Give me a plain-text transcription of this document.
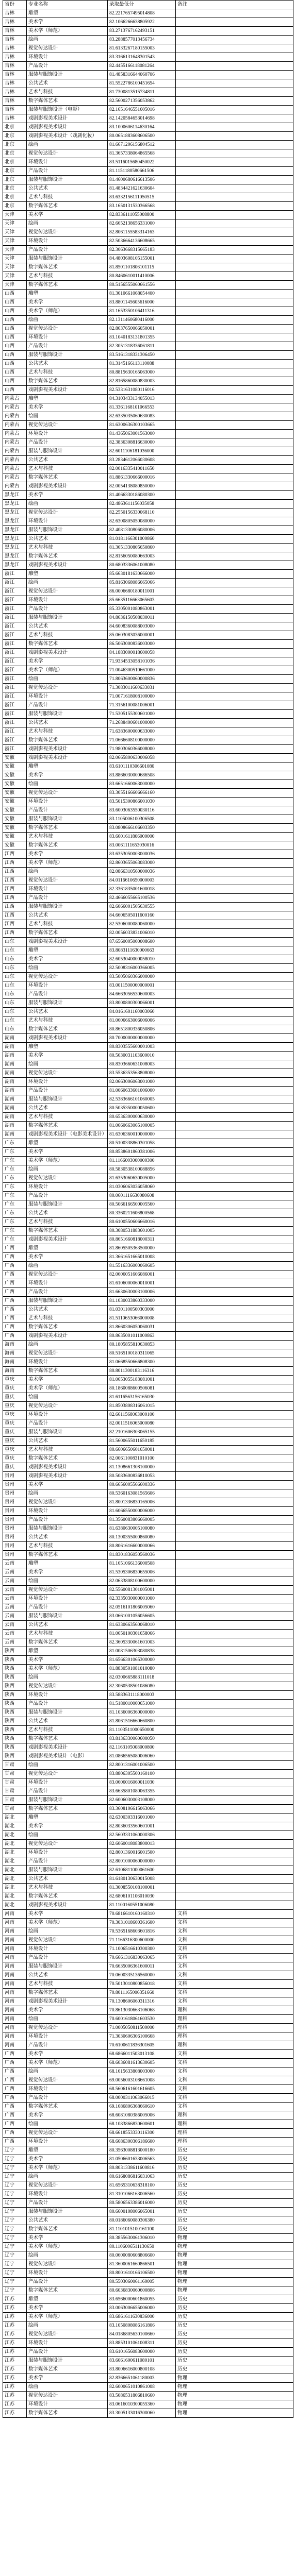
省份	专业名称	录取最低分	备注
吉林	雕塑	82.2217657495014808	
吉林	美术学	82.1066266638805922	
吉林	美术学（师范）	83.2713767162493151	
吉林	绘画	83.2888577013456734	
吉林	视觉传达设计	81.6133267180155003	
吉林	环境设计	83.3166131648301543	
吉林	产品设计	82.4455166118081264	
吉林	服装与服饰设计	81.4858316644060706	
吉林	公共艺术	81.5522786100451654	
吉林	艺术与科技	81.7300813515734811	
吉林	数字媒体艺术	82.5600271356053862	
吉林	服装与服饰设计（电影）	82.1651646551605016	
吉林	戏剧影视美术设计	82.1420584653014698	
北京	戏剧影视美术设计	83.1000606114630164	
北京	戏剧影视美术设计（戏剧化妆）	80.0651883608606500	
北京	绘画	81.6671206156804512	
北京	视觉传达设计	81.3657338064865568	
北京	环境设计	83.5116015680450022	
北京	产品设计	81.1151180580661506	
北京	服装与服饰设计	81.4600680616613506	
北京	公共艺术	81.4834421621630604	
北京	艺术与科技	83.6332156111050515	
北京	数字媒体艺术	83.1650131530366568	
天津	美术学	82.8336111055008800	
天津	绘画	82.6652138656331000	
天津	视觉传达设计	82.8061155583314163	
天津	环境设计	82.5036664136608665	
天津	产品设计	82.3063668315665183	
天津	服装与服饰设计	84.4803608105155001	
天津	数字媒体艺术	81.8501101806101115	
天津	艺术与科技	80.8460610011410006	
天津	数字媒体艺术	80.5156555060661556	
山西	雕塑	81.3610661068054400	
山西	美术学	83.8801145605616000	
山西	美术学（师范）	81.1653350106411316	
山西	绘画	82.1311460680416000	
山西	视觉传达设计	82.8637650066050001	
山西	环境设计	83.1040183131801355	
山西	产品设计	82.3051318336061811	
山西	服装与服饰设计	83.5161318331306450	
山西	公共艺术	81.3145166113110088	
山西	艺术与科技	80.8815630165063000	
山西	数字媒体艺术	82.8165860080830003	
山西	戏剧影视美术设计	82.5331631080116016	
内蒙古	雕塑	84.3103433134055013	
内蒙古	美术学	81.3361168101066553	
内蒙古	绘画	82.6335035060630083	
内蒙古	视觉传达设计	81.6300636300103665	
内蒙古	环境设计	81.4365063001563000	
内蒙古	产品设计	82.3836308816630000	
内蒙古	服装与服饰设计	82.6011106181036000	
内蒙古	公共艺术	83.2834612066030608	
内蒙古	艺术与科技	82.0016335410011650	
内蒙古	数字媒体艺术	81.8861330666000016	
内蒙古	戏剧影视美术设计	82.0054138080850000	
黑龙江	美术学	81.4066330186080300	
黑龙江	绘画	82.4863611156035058	
黑龙江	视觉传达设计	82.2550156330068110	
黑龙江	环境设计	82.6300805050080000	
黑龙江	服装与服饰设计	82.4081330806080006	
黑龙江	公共艺术	81.0181166301000860	
黑龙江	艺术与科技	81.3651330805650860	
黑龙江	数字媒体艺术	82.8156050080663003	
黑龙江	戏剧影视美术设计	80.6803336061008080	
浙江	雕塑	85.6630181630666000	
浙江	绘画	85.8163068086665066	
浙江	视觉传达设计	86.0006680180011001	
浙江	环境设计	85.6635116663065603	
浙江	产品设计	85.3305001080863001	
浙江	服装与服饰设计	84.8636150508030011	
浙江	公共艺术	84.6008360088003000	
浙江	艺术与科技	85.0603083036000001	
浙江	数字媒体艺术	86.5063000836003000	
浙江	戏剧影视美术设计	84.1883000018600058	
浙江	美术学	71.9334533058101036	
浙江	美术学（师范）	71.0046300510661000	
浙江	绘画	71.8063600060000836	
浙江	视觉传达设计	71.3083011660633031	
浙江	环境设计	71.0071618008100000	
浙江	产品设计	71.3156100081006001	
浙江	服装与服饰设计	71.5305155300601000	
浙江	公共艺术	71.2688400601000000	
浙江	艺术与科技	71.6383600000633000	
浙江	数字媒体艺术	71.0666608100000000	
浙江	戏剧影视美术设计	71.9803060366008000	
安徽	戏剧影视美术设计	82.0665800630006058	
安徽	雕塑	83.6101110306601080	
安徽	美术学	83.8866030000686508	
安徽	绘画	83.6651660063000000	
安徽	视觉传达设计	83.3055166606666160	
安徽	环境设计	83.5015300866001030	
安徽	产品设计	83.6003063550030116	
安徽	服装与服饰设计	83.1105006100306508	
安徽	数字媒体艺术	83.0808666106603350	
安徽	艺术与科技	83.6601611806000000	
安徽	数字媒体艺术	83.0061111653030016	
江西	美术学	83.6353050003000036	
江西	美术学（师范）	82.8603655063083000	
江西	绘画	82.0866310560000036	
江西	视觉传达设计	84.0116610650000003	
江西	环境设计	82.3361835001600018	
江西	产品设计	82.4666055665100536	
江西	服装与服饰设计	82.6066001505630555	
江西	公共艺术	84.6606505011600160	
江西	艺术与科技	82.5306000080060000	
江西	数字媒体艺术	82.0056033831006010	
山东	戏剧影视美术设计	87.6560005000008600	
山东	雕塑	83.8083111630000663	
山东	美术学	82.6053040000058010	
山东	绘画	82.5008316000366005	
山东	视觉传达设计	83.5005060366000000	
山东	环境设计	83.0011500060000001	
山东	产品设计	84.6663056530600003	
山东	服装与服饰设计	83.8000800300066001	
山东	公共艺术	84.0161601160003060	
山东	艺术与科技	81.0606663006006006	
山东	数字媒体艺术	80.8651800336050806	
湖南	戏剧影视美术设计	80.7000000000000000	
湖南	雕塑	80.8303555600001003	
湖南	美术学	80.5630031103600010	
湖南	绘画	80.8303660631008003	
湖南	视觉传达设计	83.5536353563808000	
湖南	环境设计	82.0663006063001000	
湖南	产品设计	81.0060633601006000	
湖南	服装与服饰设计	82.5383666101060005	
湖南	公共艺术	80.5035350000050600	
湖南	艺术与科技	80.6536300000630000	
湖南	数字媒体艺术	81.0660663065100005	
湖南	戏剧影视美术设计（电影美术设计）	81.6306360010000000	
广东	雕塑	80.5100338860301058	
广东	美术学	80.8538601860381006	
广东	美术学（师范）	81.1166003000000300	
广东	绘画	80.5830538100088856	
广东	视觉传达设计	81.6353060630005000	
广东	环境设计	81.0306063036058060	
广东	产品设计	80.0601116630080608	
广东	服装与服饰设计	80.5066166500005560	
广东	公共艺术	80.3360211606800568	
广东	艺术与科技	80.6100550606660016	
广东	数字媒体艺术	80.3080531883601005	
广东	戏剧影视美术设计	80.8651660818000311	
广西	雕塑	81.8605505363500000	
广西	美术学	81.3661651665010008	
广西	绘画	81.5516336000060605	
广西	视觉传达设计	82.0606051606086001	
广西	环境设计	81.6106000060010001	
广西	产品设计	81.6630630003100006	
广西	服装与服饰设计	81.1030033860333000	
广西	公共艺术	81.0301100560303000	
广西	艺术与科技	81.5110653066000008	
广西	数字媒体艺术	81.8660306050060031	
广西	戏剧影视美术设计	80.8635001011000863	
海南	绘画	80.1805855810630853	
海南	视觉传达设计	80.5165100180311065	
海南	环境设计	81.0668550666808300	
海南	数字媒体艺术	80.8011300183116316	
重庆	美术学	81.0653055183081001	
重庆	美术学（师范）	80.1860088600506081	
重庆	绘画	81.6116563156165030	
重庆	视觉传达设计	81.8503808316061015	
重庆	环境设计	82.6611568063000100	
重庆	产品设计	82.0011516065000080	
重庆	服装与服饰设计	82.2101606303065155	
重庆	公共艺术	81.5600655011650185	
重庆	艺术与科技	80.6606650601650001	
重庆	数字媒体艺术	82.0061100831010100	
重庆	戏剧影视美术设计	81.1308661308100000	
贵州	戏剧影视美术设计	80.5083600836810053	
贵州	美术学	80.6656005566600336	
贵州	绘画	80.5360163081565606	
贵州	视觉传达设计	81.8001336830165006	
贵州	环境设计	81.6066550000006000	
贵州	产品设计	81.3560083806660005	
贵州	服装与服饰设计	81.6380630005100080	
贵州	公共艺术	80.1300355000860080	
贵州	艺术与科技	80.8061616600000066	
贵州	数字媒体艺术	81.8301836050560036	
云南	雕塑	81.1651066136000508	
云南	美术学	81.5305306830655006	
云南	绘画	82.0633808100600000	
云南	视觉传达设计	82.5560081301005001	
云南	环境设计	82.3335030000001000	
云南	产品设计	82.0516101806005060	
云南	服装与服饰设计	83.0661001056056605	
云南	公共艺术	81.6330663560068010	
云南	艺术与科技	81.0650100301658066	
云南	数字媒体艺术	82.3605330061601003	
陕西	雕塑	81.0081506303080838	
陕西	美术学	81.6566301065300000	
陕西	美术学（师范）	81.8830501081010080	
陕西	绘画	82.0300665883111018	
陕西	视觉传达设计	82.3060538501086080	
陕西	环境设计	83.5883631118000003	
陕西	产品设计	81.5180010000651000	
陕西	服装与服饰设计	81.1036006360000000	
陕西	公共艺术	81.8061516660660800	
陕西	艺术与科技	81.1103511000650000	
陕西	数字媒体艺术	83.8136330060600050	
陕西	戏剧影视美术设计	82.1163105008000800	
陕西	戏剧影视美术设计（电影）	81.0866565080006060	
甘肃	绘画	82.8001316001006500	
甘肃	视觉传达设计	83.8806305500160100	
甘肃	环境设计	83.0606016060011030	
甘肃	产品设计	83.6635801080063355	
甘肃	服装与服饰设计	82.6006030003108000	
甘肃	数字媒体艺术	83.3608106615063066	
湖北	雕塑	82.6300303316001000	
湖北	美术学	82.8036033560601001	
湖北	绘画	82.5603331060000306	
湖北	视觉传达设计	82.6060018083800013	
湖北	环境设计	82.8601360016001500	
湖北	产品设计	82.8001000060000000	
湖北	服装与服饰设计	82.6106811000061600	
湖北	公共艺术	81.6180130630015008	
湖北	艺术与科技	81.3008550108100001	
湖北	数字媒体艺术	82.6806101106010030	
湖北	戏剧影视美术设计	81.1100160551006080	
河南	美术学	70.6816610160160310	文科
河南	美术学（师范）	70.3031018600361600	文科
河南	绘画	70.5365168603601816	文科
河南	视觉传达设计	71.1166316300600000	文科
河南	环境设计	71.1006516610300300	文科
河南	产品设计	70.6661316830063065	文科
河南	服装与服饰设计	70.6635006361600011	文科
河南	公共艺术	70.0600335136560000	文科
河南	艺术与科技	70.5013010800856018	文科
河南	数字媒体艺术	70.8011165006351660	文科
河南	戏剧影视美术设计	70.1308606060311316	文科
河南	美术学	70.8613030663106068	理科
河南	绘画	70.6001618061603530	理科
河南	视觉传达设计	71.0005050811500000	理科
河南	环境设计	71.3030606306100668	理科
河南	产品设计	70.6100611836301605	理科
广西	美术学	68.6866011503013108	文科
广西	美术学（师范）	68.6036081613630605	文科
广西	绘画	68.1615633808003000	文科
广西	视觉传达设计	69.0056003108661008	文科
广西	环境设计	68.5606161601616605	文科
广西	产品设计	68.0000311063066015	文科
广西	数字媒体艺术	69.1686806368660610	文科
广西	美术学	68.6081080386005006	理科
广西	绘画	68.1083866830600601	理科
广西	视觉传达设计	68.6618553330116300	理科
广西	环境设计	68.6686300306186600	理科
辽宁	雕塑	80.3563008813000180	历史
辽宁	美术学	81.0506601633006563	历史
辽宁	美术学（师范）	80.8031338611600816	历史
辽宁	绘画	80.6168086816031063	历史
辽宁	视觉传达设计	81.6565310638318100	历史
辽宁	环境设计	81.3101066163006560	历史
辽宁	产品设计	80.5806563386016000	历史
辽宁	服装与服饰设计	80.6600108006065001	历史
辽宁	公共艺术	80.0186060080306380	历史
辽宁	数字媒体艺术	81.1101015100161100	历史
辽宁	美术学	80.3855630061306010	物理
辽宁	美术学（师范）	80.1106006511130650	物理
辽宁	绘画	80.0600080608806600	物理
辽宁	视觉传达设计	81.3600061660866501	物理
辽宁	环境设计	80.8001610166106500	物理
辽宁	产品设计	80.5503060061160005	物理
辽宁	数字媒体艺术	80.6036830060600806	物理
江苏	雕塑	83.6566000601860055	历史
江苏	美术学	83.0063006655006000	历史
江苏	美术学（师范）	83.6861611630836000	历史
江苏	绘画	83.1050808086161806	历史
江苏	视觉传达设计	84.0186805630100660	历史
江苏	环境设计	83.8853101061008311	历史
江苏	产品设计	83.6101656083600000	历史
江苏	服装与服饰设计	83.6061600611080101	历史
江苏	数字媒体艺术	83.8006616000800108	历史
江苏	美术学	82.8366651061180003	物理
江苏	绘画	82.6000651010861008	物理
江苏	视觉传达设计	83.5086531806810660	物理
江苏	环境设计	83.0616010300055360	物理
江苏	数字媒体艺术	83.3005133016300060	物理
